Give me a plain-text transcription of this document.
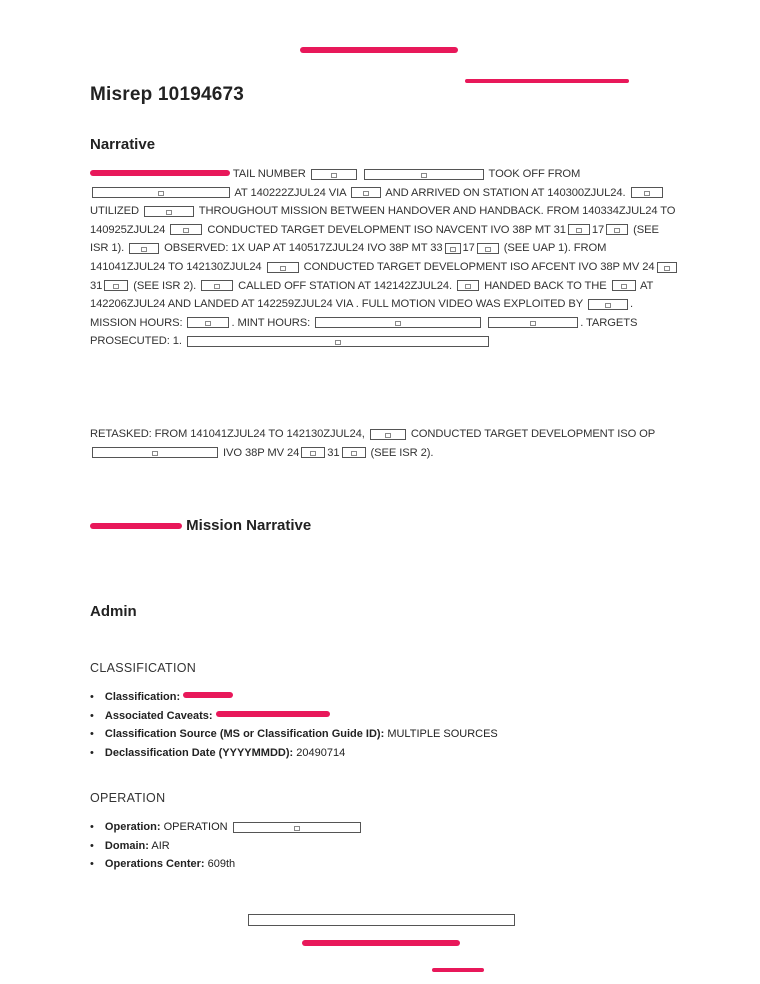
Misrep 10194673
Narrative

TAIL NUMBER	TOOK OFF FROM  AT 140222ZJUL24 VIA	AND ARRIVED ON STATION AT 140300ZJUL24.  UTILIZED	THROUGHOUT MISSION BETWEEN HANDOVER AND HANDBACK. FROM 140334ZJUL24 TO 140925ZJUL24	CONDUCTED TARGET DEVELOPMENT ISO NAVCENT IVO 38P MT 31 17	(SEE ISR 1).	OBSERVED: 1X UAP AT 140517ZJUL24 IVO 38P MT 33 17	(SEE UAP 1). FROM 141041ZJUL24 TO 142130ZJUL24	CONDUCTED TARGET DEVELOPMENT ISO AFCENT IVO 38P MV 2431	(SEE ISR 2).	CALLED OFF STATION AT 142142ZJUL24.	HANDED BACK TO THE	AT 142206ZJUL24 AND LANDED AT 142259ZJUL24 VIA . FULL MOTION VIDEO WAS EXPLOITED BY	. MISSION HOURS:	. MINT HOURS:	. TARGETS PROSECUTED: 1.
RETASKED: FROM 141041ZJUL24 TO 142130ZJUL24,	CONDUCTED TARGET DEVELOPMENT ISO OP  IVO 38P MV 24	31	(SEE ISR 2).

Mission Narrative
Admin
CLASSIFICATION
• Classification:
• Associated Caveats:
• Classification Source (MS or Classification Guide ID): MULTIPLE SOURCES
• Declassification Date (YYYYMMDD): 20490714
OPERATION
• Operation: OPERATION
• Domain: AIR
• Operations Center: 609th
